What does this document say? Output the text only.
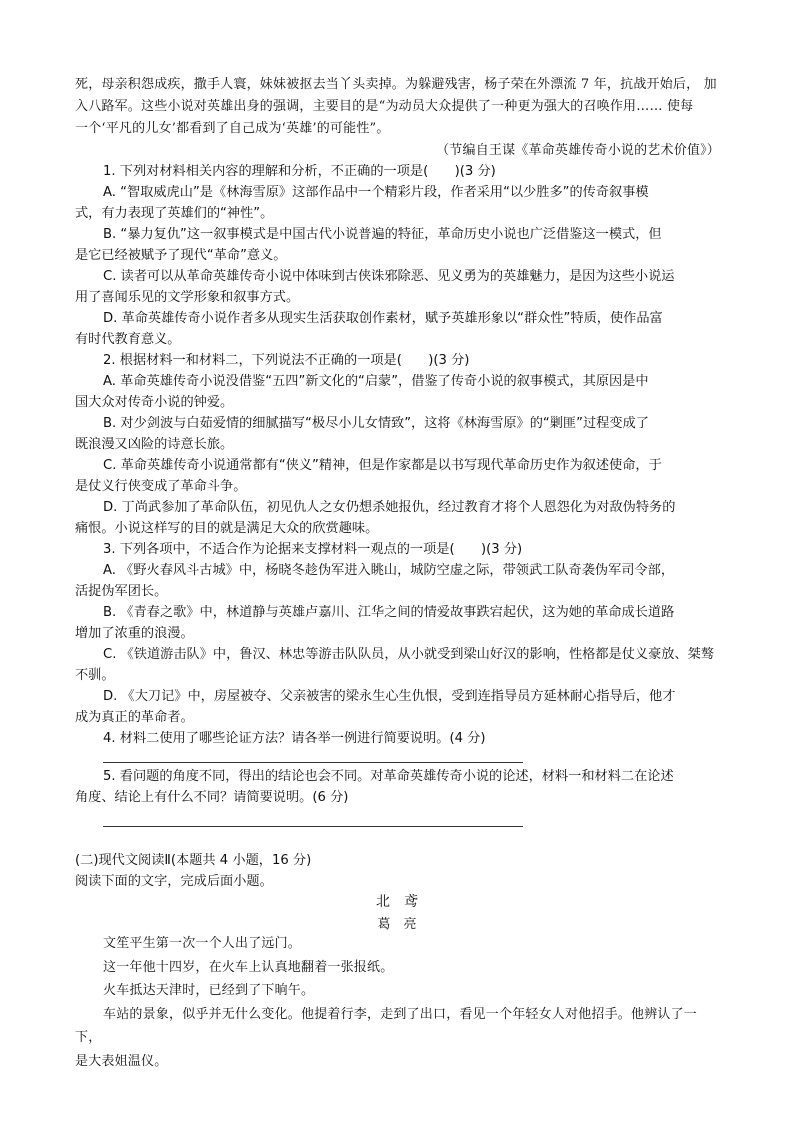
死，母亲积怨成疾，撒手人寰，妹妹被抠去当丫头卖掉。为躲避残害，杨子荣在外漂流 7 年，抗战开始后， 加

入八路军。这些小说对英雄出身的强调，主要目的是“为动员大众提供了一种更为强大的召唤作用…… 使每

一个‘平凡的儿女’都看到了自己成为‘英雄’的可能性”。

（节编自王谋《革命英雄传奇小说的艺术价值》）

1. 下列对材料相关内容的理解和分析，不正确的一项是(　　)(3 分)

A. “智取威虎山”是《林海雪原》这部作品中一个精彩片段，作者采用“以少胜多”的传奇叙事模

式，有力表现了英雄们的“神性”。

B. “暴力复仇”这一叙事模式是中国古代小说普遍的特征，革命历史小说也广泛借鉴这一模式，但

是它已经被赋予了现代“革命”意义。

C. 读者可以从革命英雄传奇小说中体味到古侠诛邪除恶、见义勇为的英雄魅力，是因为这些小说运

用了喜闻乐见的文学形象和叙事方式。

D. 革命英雄传奇小说作者多从现实生活获取创作素材，赋予英雄形象以“群众性”特质，使作品富

有时代教育意义。

2. 根据材料一和材料二，下列说法不正确的一项是(　　)(3 分)

A. 革命英雄传奇小说没借鉴“五四”新文化的“启蒙”，借鉴了传奇小说的叙事模式，其原因是中

国大众对传奇小说的钟爱。

B. 对少剑波与白茹爱情的细腻描写“极尽小儿女情致”，这将《林海雪原》的“剿匪”过程变成了

既浪漫又凶险的诗意长旅。

C. 革命英雄传奇小说通常都有“侠义”精神，但是作家都是以书写现代革命历史作为叙述使命，于

是仗义行侠变成了革命斗争。

D. 丁尚武参加了革命队伍，初见仇人之女仍想杀她报仇，经过教育才将个人恩怨化为对敌伪特务的

痛恨。小说这样写的目的就是满足大众的欣赏趣味。

3. 下列各项中，不适合作为论据来支撑材料一观点的一项是(　　)(3 分)

A. 《野火春风斗古城》中，杨晓冬趁伪军进入眺山，城防空虚之际，带领武工队奇袭伪军司令部，

活捉伪军团长。

B. 《青春之歌》中，林道静与英雄卢嘉川、江华之间的情爱故事跌宕起伏，这为她的革命成长道路

增加了浓重的浪漫。

C. 《铁道游击队》中，鲁汉、林忠等游击队队员，从小就受到梁山好汉的影响，性格都是仗义豪放、桀骜

不驯。

D. 《大刀记》中，房屋被夺、父亲被害的梁永生心生仇恨，受到连指导员方延林耐心指导后，他才

成为真正的革命者。

4. 材料二使用了哪些论证方法？请各举一例进行简要说明。(4 分)

5. 看问题的角度不同，得出的结论也会不同。对革命英雄传奇小说的论述，材料一和材料二在论述

角度、结论上有什么不同？请简要说明。(6 分)

(二)现代文阅读Ⅱ(本题共 4 小题，16 分)

阅读下面的文字，完成后面小题。

北　鸢
葛　亮

文笙平生第一次一个人出了远门。

这一年他十四岁，在火车上认真地翻着一张报纸。

火车抵达天津时，已经到了下晌午。

车站的景象，似乎并无什么变化。他提着行李，走到了出口，看见一个年轻女人对他招手。他辨认了一下，

是大表姐温仪。
